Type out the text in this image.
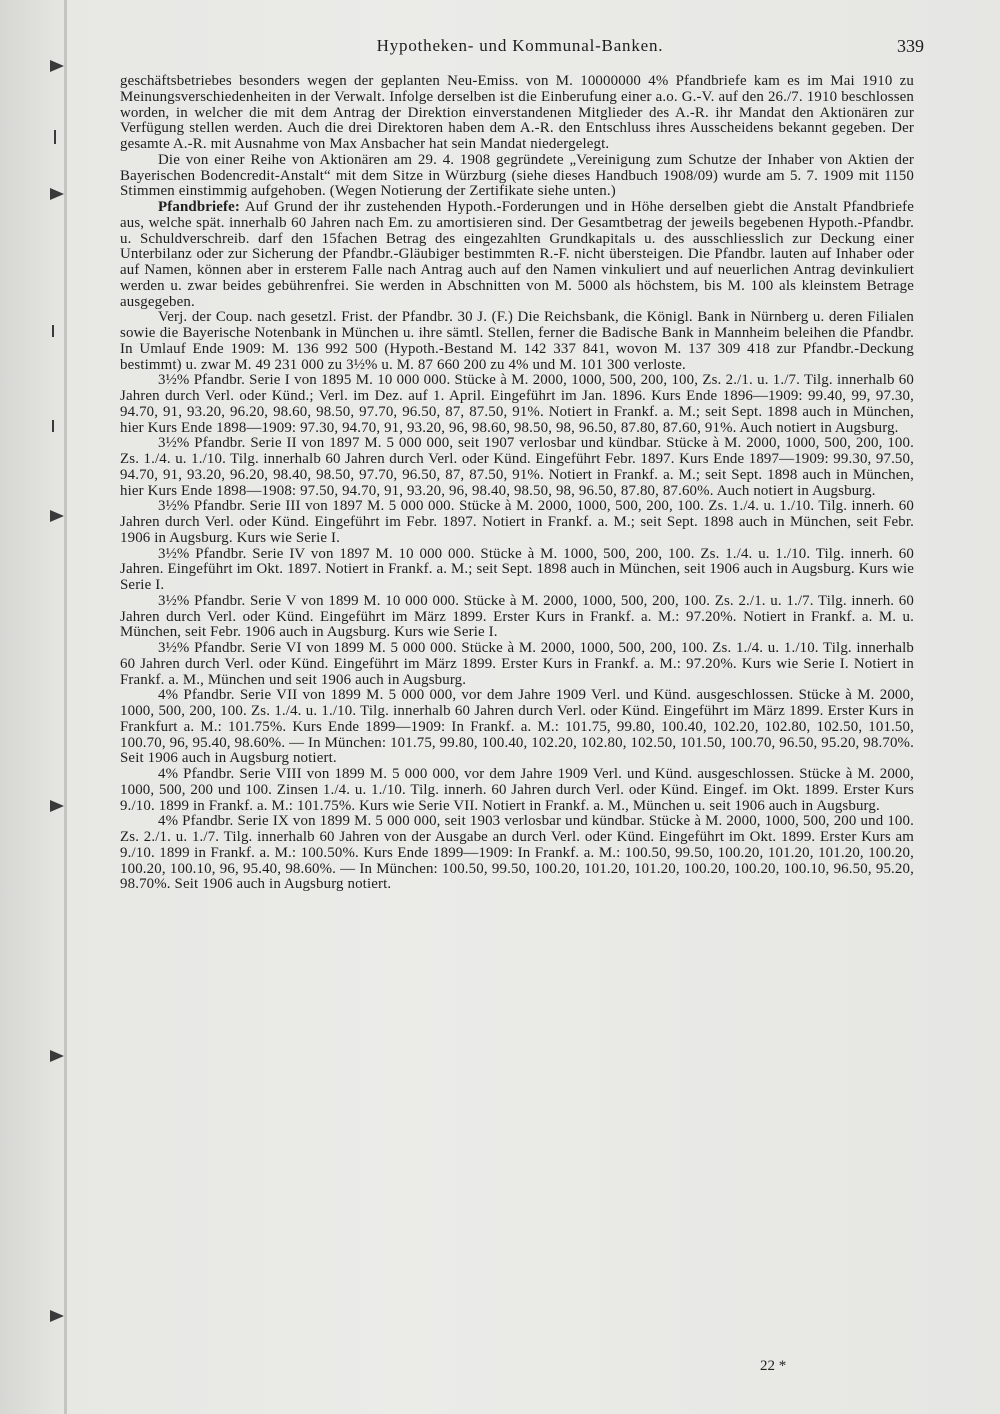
Hypotheken- und Kommunal-Banken.	339

geschäftsbetriebes besonders wegen der geplanten Neu-Emiss. von M. 10000000 4% Pfandbriefe kam es im Mai 1910 zu Meinungsverschiedenheiten in der Verwalt. Infolge derselben ist die Einberufung einer a.o. G.-V. auf den 26./7. 1910 beschlossen worden, in welcher die mit dem Antrag der Direktion einverstandenen Mitglieder des A.-R. ihr Mandat den Aktionären zur Verfügung stellen werden. Auch die drei Direktoren haben dem A.-R. den Entschluss ihres Ausscheidens bekannt gegeben. Der gesamte A.-R. mit Ausnahme von Max Ansbacher hat sein Mandat niedergelegt.

Die von einer Reihe von Aktionären am 29. 4. 1908 gegründete „Vereinigung zum Schutze der Inhaber von Aktien der Bayerischen Bodencredit-Anstalt“ mit dem Sitze in Würzburg (siehe dieses Handbuch 1908/09) wurde am 5. 7. 1909 mit 1150 Stimmen einstimmig aufgehoben. (Wegen Notierung der Zertifikate siehe unten.)

Pfandbriefe: Auf Grund der ihr zustehenden Hypoth.-Forderungen und in Höhe derselben giebt die Anstalt Pfandbriefe aus, welche spät. innerhalb 60 Jahren nach Em. zu amortisieren sind. Der Gesamtbetrag der jeweils begebenen Hypoth.-Pfandbr. u. Schuldverschreib. darf den 15fachen Betrag des eingezahlten Grundkapitals u. des ausschliesslich zur Deckung einer Unterbilanz oder zur Sicherung der Pfandbr.-Gläubiger bestimmten R.-F. nicht übersteigen. Die Pfandbr. lauten auf Inhaber oder auf Namen, können aber in ersterem Falle nach Antrag auch auf den Namen vinkuliert und auf neuerlichen Antrag devinkuliert werden u. zwar beides gebührenfrei. Sie werden in Abschnitten von M. 5000 als höchstem, bis M. 100 als kleinstem Betrage ausgegeben.

Verj. der Coup. nach gesetzl. Frist. der Pfandbr. 30 J. (F.) Die Reichsbank, die Königl. Bank in Nürnberg u. deren Filialen sowie die Bayerische Notenbank in München u. ihre sämtl. Stellen, ferner die Badische Bank in Mannheim beleihen die Pfandbr. In Umlauf Ende 1909: M. 136 992 500 (Hypoth.-Bestand M. 142 337 841, wovon M. 137 309 418 zur Pfandbr.-Deckung bestimmt) u. zwar M. 49 231 000 zu 3½% u. M. 87 660 200 zu 4% und M. 101 300 verloste.

3½% Pfandbr. Serie I von 1895 M. 10 000 000. Stücke à M. 2000, 1000, 500, 200, 100, Zs. 2./1. u. 1./7. Tilg. innerhalb 60 Jahren durch Verl. oder Künd.; Verl. im Dez. auf 1. April. Eingeführt im Jan. 1896. Kurs Ende 1896—1909: 99.40, 99, 97.30, 94.70, 91, 93.20, 96.20, 98.60, 98.50, 97.70, 96.50, 87, 87.50, 91%. Notiert in Frankf. a. M.; seit Sept. 1898 auch in München, hier Kurs Ende 1898—1909: 97.30, 94.70, 91, 93.20, 96, 98.60, 98.50, 98, 96.50, 87.80, 87.60, 91%. Auch notiert in Augsburg.

3½% Pfandbr. Serie II von 1897 M. 5 000 000, seit 1907 verlosbar und kündbar. Stücke à M. 2000, 1000, 500, 200, 100. Zs. 1./4. u. 1./10. Tilg. innerhalb 60 Jahren durch Verl. oder Künd. Eingeführt Febr. 1897. Kurs Ende 1897—1909: 99.30, 97.50, 94.70, 91, 93.20, 96.20, 98.40, 98.50, 97.70, 96.50, 87, 87.50, 91%. Notiert in Frankf. a. M.; seit Sept. 1898 auch in München, hier Kurs Ende 1898—1908: 97.50, 94.70, 91, 93.20, 96, 98.40, 98.50, 98, 96.50, 87.80, 87.60%. Auch notiert in Augsburg.

3½% Pfandbr. Serie III von 1897 M. 5 000 000. Stücke à M. 2000, 1000, 500, 200, 100. Zs. 1./4. u. 1./10. Tilg. innerh. 60 Jahren durch Verl. oder Künd. Eingeführt im Febr. 1897. Notiert in Frankf. a. M.; seit Sept. 1898 auch in München, seit Febr. 1906 in Augsburg. Kurs wie Serie I.

3½% Pfandbr. Serie IV von 1897 M. 10 000 000. Stücke à M. 1000, 500, 200, 100. Zs. 1./4. u. 1./10. Tilg. innerh. 60 Jahren. Eingeführt im Okt. 1897. Notiert in Frankf. a. M.; seit Sept. 1898 auch in München, seit 1906 auch in Augsburg. Kurs wie Serie I.

3½% Pfandbr. Serie V von 1899 M. 10 000 000. Stücke à M. 2000, 1000, 500, 200, 100. Zs. 2./1. u. 1./7. Tilg. innerh. 60 Jahren durch Verl. oder Künd. Eingeführt im März 1899. Erster Kurs in Frankf. a. M.: 97.20%. Notiert in Frankf. a. M. u. München, seit Febr. 1906 auch in Augsburg. Kurs wie Serie I.

3½% Pfandbr. Serie VI von 1899 M. 5 000 000. Stücke à M. 2000, 1000, 500, 200, 100. Zs. 1./4. u. 1./10. Tilg. innerhalb 60 Jahren durch Verl. oder Künd. Eingeführt im März 1899. Erster Kurs in Frankf. a. M.: 97.20%. Kurs wie Serie I. Notiert in Frankf. a. M., München und seit 1906 auch in Augsburg.

4% Pfandbr. Serie VII von 1899 M. 5 000 000, vor dem Jahre 1909 Verl. und Künd. ausgeschlossen. Stücke à M. 2000, 1000, 500, 200, 100. Zs. 1./4. u. 1./10. Tilg. innerhalb 60 Jahren durch Verl. oder Künd. Eingeführt im März 1899. Erster Kurs in Frankfurt a. M.: 101.75%. Kurs Ende 1899—1909: In Frankf. a. M.: 101.75, 99.80, 100.40, 102.20, 102.80, 102.50, 101.50, 100.70, 96, 95.40, 98.60%. — In München: 101.75, 99.80, 100.40, 102.20, 102.80, 102.50, 101.50, 100.70, 96.50, 95.20, 98.70%. Seit 1906 auch in Augsburg notiert.

4% Pfandbr. Serie VIII von 1899 M. 5 000 000, vor dem Jahre 1909 Verl. und Künd. ausgeschlossen. Stücke à M. 2000, 1000, 500, 200 und 100. Zinsen 1./4. u. 1./10. Tilg. innerh. 60 Jahren durch Verl. oder Künd. Eingef. im Okt. 1899. Erster Kurs 9./10. 1899 in Frankf. a. M.: 101.75%. Kurs wie Serie VII. Notiert in Frankf. a. M., München u. seit 1906 auch in Augsburg.

4% Pfandbr. Serie IX von 1899 M. 5 000 000, seit 1903 verlosbar und kündbar. Stücke à M. 2000, 1000, 500, 200 und 100. Zs. 2./1. u. 1./7. Tilg. innerhalb 60 Jahren von der Ausgabe an durch Verl. oder Künd. Eingeführt im Okt. 1899. Erster Kurs am 9./10. 1899 in Frankf. a. M.: 100.50%. Kurs Ende 1899—1909: In Frankf. a. M.: 100.50, 99.50, 100.20, 101.20, 101.20, 100.20, 100.20, 100.10, 96, 95.40, 98.60%. — In München: 100.50, 99.50, 100.20, 101.20, 101.20, 100.20, 100.20, 100.10, 96.50, 95.20, 98.70%. Seit 1906 auch in Augsburg notiert.

22 *
